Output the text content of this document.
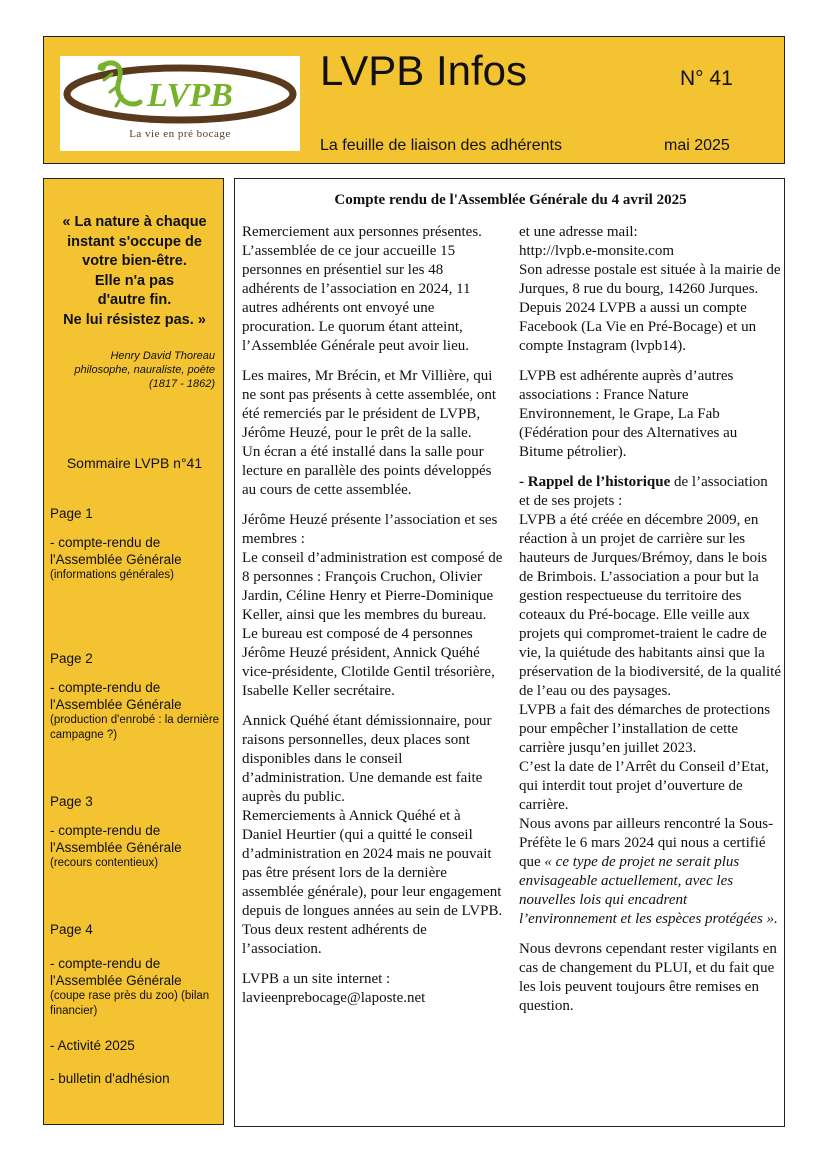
LVPB
La vie en pré bocage
LVPB Infos	N° 41
La feuille de liaison des adhérents	mai 2025
« La nature à chaque
instant s'occupe de
votre bien-être.
Elle n'a pas
d'autre fin.
Ne lui résistez pas. »
Henry David Thoreau
philosophe, nauraliste, poète
(1817 - 1862)
Sommaire LVPB n°41
Page 1
- compte-rendu de l'Assemblée Générale
(informations générales)
Page 2
- compte-rendu de l'Assemblée Générale
(production d'enrobé : la dernière campagne ?)
Page 3
- compte-rendu de l'Assemblée Générale
(recours contentieux)
Page 4
- compte-rendu de l'Assemblée Générale
(coupe rase près du zoo) (bilan financier)
- Activité 2025
- bulletin d'adhésion
Compte rendu de l'Assemblée Générale du 4 avril 2025

Remerciement aux personnes présentes. L’assemblée de ce jour accueille 15 personnes en présentiel sur les 48 adhérents de l’association en 2024, 11 autres adhérents ont envoyé une procuration. Le quorum étant atteint, l’Assemblée Générale peut avoir lieu.

Les maires, Mr Brécin, et Mr Villière, qui ne sont pas présents à cette assemblée, ont été remerciés par le président de LVPB, Jérôme Heuzé, pour le prêt de la salle.
Un écran a été installé dans la salle pour lecture en parallèle des points développés au cours de cette assemblée.

Jérôme Heuzé présente l’association et ses membres :
Le conseil d’administration est composé de 8 personnes : François Cruchon, Olivier Jardin, Céline Henry et Pierre-Dominique Keller, ainsi que les membres du bureau.
Le bureau est composé de 4 personnes Jérôme Heuzé président, Annick Quéhé vice-présidente, Clotilde Gentil trésorière, Isabelle Keller secrétaire.

Annick Quéhé étant démissionnaire, pour raisons personnelles, deux places sont disponibles dans le conseil d’administration. Une demande est faite auprès du public.
Remerciements à Annick Quéhé et à Daniel Heurtier (qui a quitté le conseil d’administration en 2024 mais ne pouvait pas être présent lors de la dernière assemblée générale), pour leur engagement depuis de longues années au sein de LVPB. Tous deux restent adhérents de l’association.

LVPB a un site internet :
lavieenprebocage@laposte.net

et une adresse mail:
http://lvpb.e-monsite.com
Son adresse postale est située à la mairie de Jurques, 8 rue du bourg, 14260 Jurques.
Depuis 2024 LVPB a aussi un compte Facebook (La Vie en Pré-Bocage) et un compte Instagram (lvpb14).

LVPB est adhérente auprès d’autres associations : France Nature Environnement, le Grape, La Fab (Fédération pour des Alternatives au Bitume pétrolier).

- Rappel de l’historique de l’association et de ses projets :
LVPB a été créée en décembre 2009, en réaction à un projet de carrière sur les hauteurs de Jurques/Brémoy, dans le bois de Brimbois. L’association a pour but la gestion respectueuse du territoire des coteaux du Pré-bocage. Elle veille aux projets qui compromet-traient le cadre de vie, la quiétude des habitants ainsi que la préservation de la biodiversité, de la qualité de l’eau ou des paysages.
LVPB a fait des démarches de protections pour empêcher l’installation de cette carrière jusqu’en juillet 2023.
C’est la date de l’Arrêt du Conseil d’Etat, qui interdit tout projet d’ouverture de carrière.
Nous avons par ailleurs rencontré la Sous-Préfète le 6 mars 2024 qui nous a certifié que « ce type de projet ne serait plus envisageable actuellement, avec les nouvelles lois qui encadrent l’environnement et les espèces protégées ».

Nous devrons cependant rester vigilants en cas de changement du PLUI, et du fait que les lois peuvent toujours être remises en question.
